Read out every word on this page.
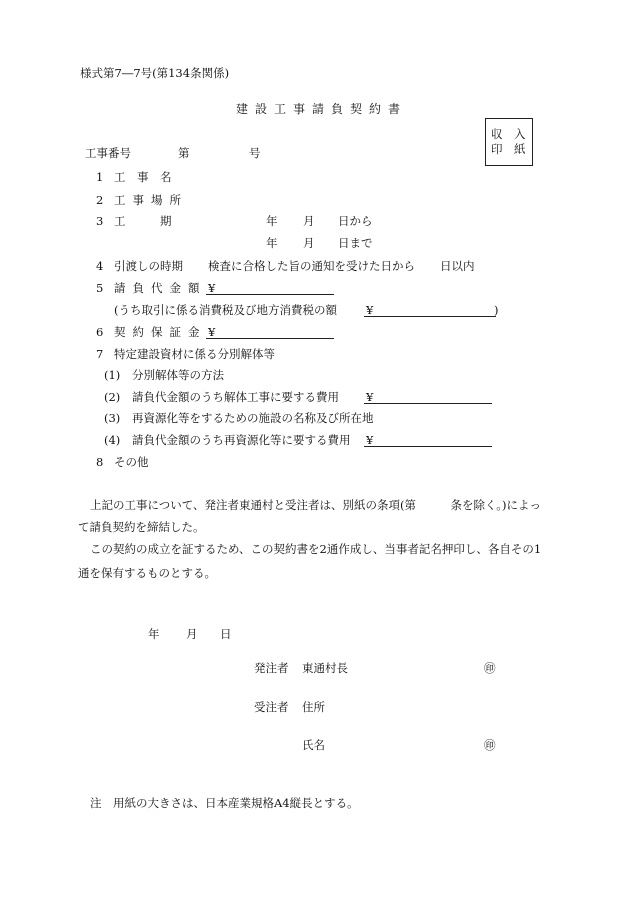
様式第7―7号(第134条関係)
建設工事請負契約書
収　入
印　紙
工事番号	第	号
1 工　事　名
2 工事場所
3 工　　　期	年 月 日から
年 月 日まで
4 引渡しの時期 検査に合格した旨の通知を受けた日から 日以内
5 請負代金額 ¥
(うち取引に係る消費税及び地方消費税の額	¥	)
6 契約保証金 ¥
7 特定建設資材に係る分別解体等
(1) 分別解体等の方法
(2) 請負代金額のうち解体工事に要する費用 ¥
(3) 再資源化等をするための施設の名称及び所在地
(4) 請負代金額のうち再資源化等に要する費用 ¥
8 その他
上記の工事について、発注者東通村と受注者は、別紙の条項(第　　　条を除く。)によっ
て請負契約を締結した。
この契約の成立を証するため、この契約書を2通作成し、当事者記名押印し、各自その1
通を保有するものとする。
年 月 日
発注者 東通村長	㊞
受注者 住所
氏名	㊞
注　用紙の大きさは、日本産業規格A4縦長とする。
